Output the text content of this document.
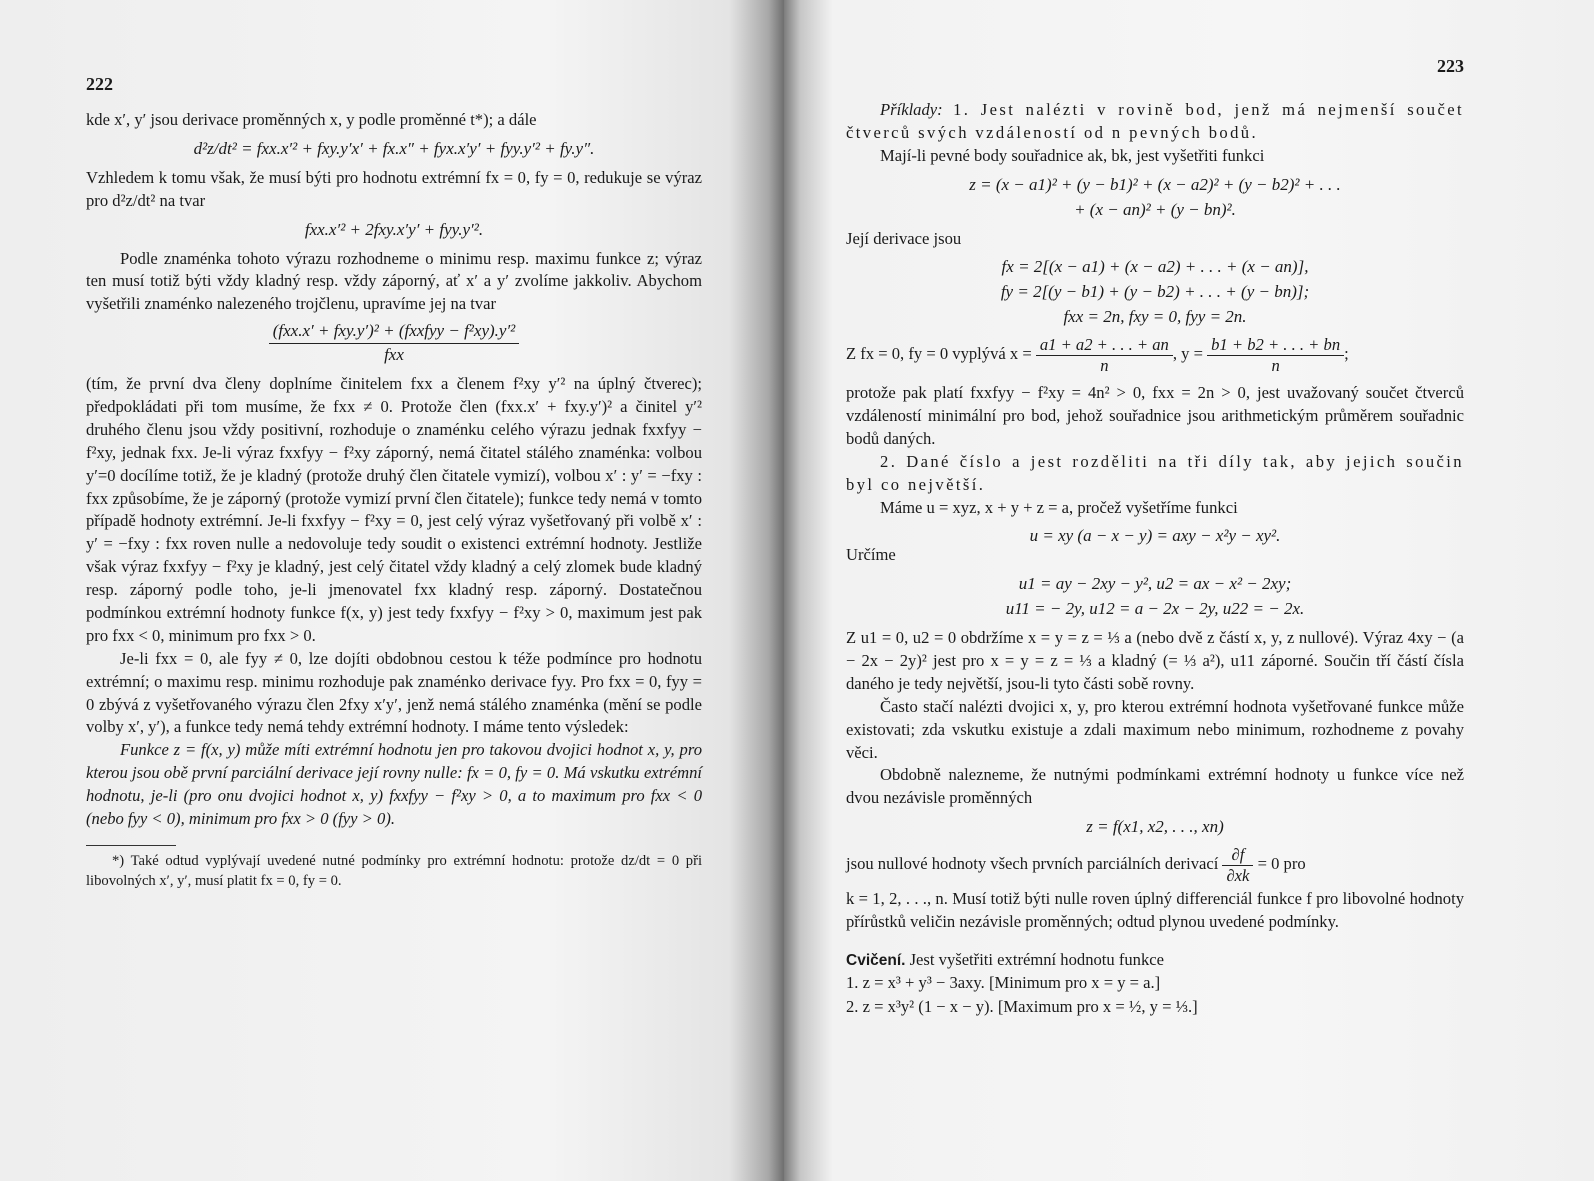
222

kde x′, y′ jsou derivace proměnných x, y podle proměnné t*); a dále

d²z/dt² = fxx.x′² + fxy.y′x′ + fx.x″ + fyx.x′y′ + fyy.y′² + fy.y″.

Vzhledem k tomu však, že musí býti pro hodnotu extrémní fx = 0, fy = 0, redukuje se výraz pro d²z/dt² na tvar

fxx.x′² + 2fxy.x′y′ + fyy.y′².

Podle znaménka tohoto výrazu rozhodneme o minimu resp. maximu funkce z; výraz ten musí totiž býti vždy kladný resp. vždy záporný, ať x′ a y′ zvolíme jakkoliv. Abychom vyšetřili znaménko nalezeného trojčlenu, upravíme jej na tvar

$\frac{\text{(fxx.x′ + fxy.y′)² + (fxxfyy − f²xy).y′²}}{\text{fxx}}$

(tím, že první dva členy doplníme činitelem fxx a členem f²xy y′² na úplný čtverec); předpokládati při tom musíme, že fxx ≠ 0. Protože člen (fxx.x′ + fxy.y′)² a činitel y′² druhého členu jsou vždy positivní, rozhoduje o znaménku celého výrazu jednak fxxfyy − f²xy, jednak fxx. Je-li výraz fxxfyy − f²xy záporný, nemá čitatel stálého znaménka: volbou y′=0 docílíme totiž, že je kladný (protože druhý člen čitatele vymizí), volbou x′ : y′ = −fxy : fxx způsobíme, že je záporný (protože vymizí první člen čitatele); funkce tedy nemá v tomto případě hodnoty extrémní. Je-li fxxfyy − f²xy = 0, jest celý výraz vyšetřovaný při volbě x′ : y′ = −fxy : fxx roven nulle a nedovoluje tedy soudit o existenci extrémní hodnoty. Jestliže však výraz fxxfyy − f²xy je kladný, jest celý čitatel vždy kladný a celý zlomek bude kladný resp. záporný podle toho, je-li jmenovatel fxx kladný resp. záporný. Dostatečnou podmínkou extrémní hodnoty funkce f(x, y) jest tedy fxxfyy − f²xy > 0, maximum jest pak pro fxx < 0, minimum pro fxx > 0.

Je-li fxx = 0, ale fyy ≠ 0, lze dojíti obdobnou cestou k téže podmínce pro hodnotu extrémní; o maximu resp. minimu rozhoduje pak znaménko derivace fyy. Pro fxx = 0, fyy = 0 zbývá z vyšetřovaného výrazu člen 2fxy x′y′, jenž nemá stálého znaménka (mění se podle volby x′, y′), a funkce tedy nemá tehdy extrémní hodnoty. I máme tento výsledek:

Funkce z = f(x, y) může míti extrémní hodnotu jen pro takovou dvojici hodnot x, y, pro kterou jsou obě první parciální derivace její rovny nulle: fx = 0, fy = 0. Má vskutku extrémní hodnotu, je-li (pro onu dvojici hodnot x, y) fxxfyy − f²xy > 0, a to maximum pro fxx < 0 (nebo fyy < 0), minimum pro fxx > 0 (fyy > 0).

*) Také odtud vyplývají uvedené nutné podmínky pro extrémní hodnotu: protože dz/dt = 0 při libovolných x′, y′, musí platit fx = 0, fy = 0.

223

Příklady: 1. Jest nalézti v rovině bod, jenž má nejmenší součet čtverců svých vzdáleností od n pevných bodů.

Mají-li pevné body souřadnice ak, bk, jest vyšetřiti funkci

z = (x − a1)² + (y − b1)² + (x − a2)² + (y − b2)² + . . .
+ (x − an)² + (y − bn)².

Její derivace jsou

fx = 2[(x − a1) + (x − a2) + . . . + (x − an)],
fy = 2[(y − b1) + (y − b2) + . . . + (y − bn)];
fxx = 2n, fxy = 0, fyy = 2n.

Z fx = 0, fy = 0 vyplývá $x = \frac{a1 + a2 + . . . + an}{n}$ , $y = \frac{b1 + b2 + . . . + bn}{n}$ ;

protože pak platí fxxfyy − f²xy = 4n² > 0, fxx = 2n > 0, jest uvažovaný součet čtverců vzdáleností minimální pro bod, jehož souřadnice jsou arithmetickým průměrem souřadnic bodů daných.

2. Dané číslo a jest rozděliti na tři díly tak, aby jejich součin byl co největší.

Máme u = xyz, x + y + z = a, pročež vyšetříme funkci

u = xy (a − x − y) = axy − x²y − xy².

Určíme

u1 = ay − 2xy − y², u2 = ax − x² − 2xy;
u11 = − 2y, u12 = a − 2x − 2y, u22 = − 2x.

Z u1 = 0, u2 = 0 obdržíme x = y = z = ⅓ a (nebo dvě z částí x, y, z nullové). Výraz 4xy − (a − 2x − 2y)² jest pro x = y = z = ⅓ a kladný (= ⅓ a²), u11 záporné. Součin tří částí čísla daného je tedy největší, jsou-li tyto části sobě rovny.

Často stačí nalézti dvojici x, y, pro kterou extrémní hodnota vyšetřované funkce může existovati; zda vskutku existuje a zdali maximum nebo minimum, rozhodneme z povahy věci.

Obdobně nalezneme, že nutnými podmínkami extrémní hodnoty u funkce více než dvou nezávisle proměnných

z = f(x1, x2, . . ., xn)

jsou nullové hodnoty všech prvních parciálních derivací $\frac{\partial f}{\partial xk} = 0$ pro

k = 1, 2, . . ., n. Musí totiž býti nulle roven úplný differenciál funkce f pro libovolné hodnoty přírůstků veličin nezávisle proměnných; odtud plynou uvedené podmínky.

Cvičení. Jest vyšetřiti extrémní hodnotu funkce

1. z = x³ + y³ − 3axy. [Minimum pro x = y = a.]

2. z = x³y² (1 − x − y). [Maximum pro x = ½, y = ⅓.]
